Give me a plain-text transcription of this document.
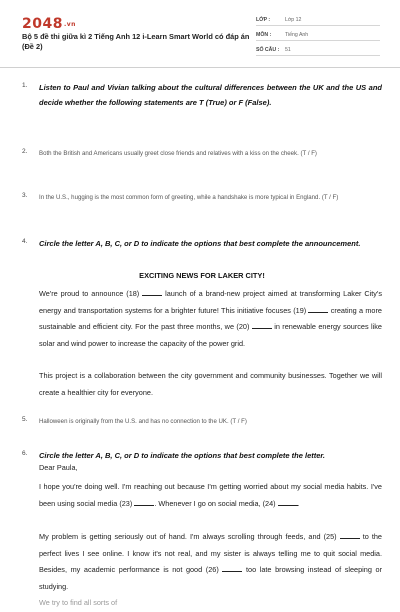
2048.vn
Bộ 5 đề thi giữa kì 2 Tiếng Anh 12 i-Learn Smart World có đáp án (Đề 2)
LỚP :	Lớp 12
MÔN :	Tiếng Anh
SỐ CÂU : 51
1. Listen to Paul and Vivian talking about the cultural differences between the UK and the US and decide whether the following statements are T (True) or F (False).
2. Both the British and Americans usually greet close friends and relatives with a kiss on the cheek. (T / F)
3. In the U.S., hugging is the most common form of greeting, while a handshake is more typical in England. (T / F)
4. Circle the letter A, B, C, or D to indicate the options that best complete the announcement.
EXCITING NEWS FOR LAKER CITY!
We're proud to announce (18)	launch of a brand-new project aimed at transforming Laker City's energy and transportation systems for a brighter future! This initiative focuses (19)	creating a more sustainable and efficient city. For the past three months, we (20)	in renewable energy sources like solar and wind power to increase the capacity of the power grid.
This project is a collaboration between the city government and community businesses. Together we will create a healthier city for everyone.
5. Halloween is originally from the U.S. and has no connection to the UK. (T / F)
6. Circle the letter A, B, C, or D to indicate the options that best complete the letter.
Dear Paula,
I hope you're doing well. I'm reaching out because I'm getting worried about my social media habits. I've been using social media (23)	. Whenever I go on social media, (24)	.
My problem is getting seriously out of hand. I'm always scrolling through feeds, and (25)	to the perfect lives I see online. I know it's not real, and my sister is always telling me to quit social media. Besides, my academic performance is not good (26)	too late browsing instead of sleeping or studying.
We try to find all sorts of
